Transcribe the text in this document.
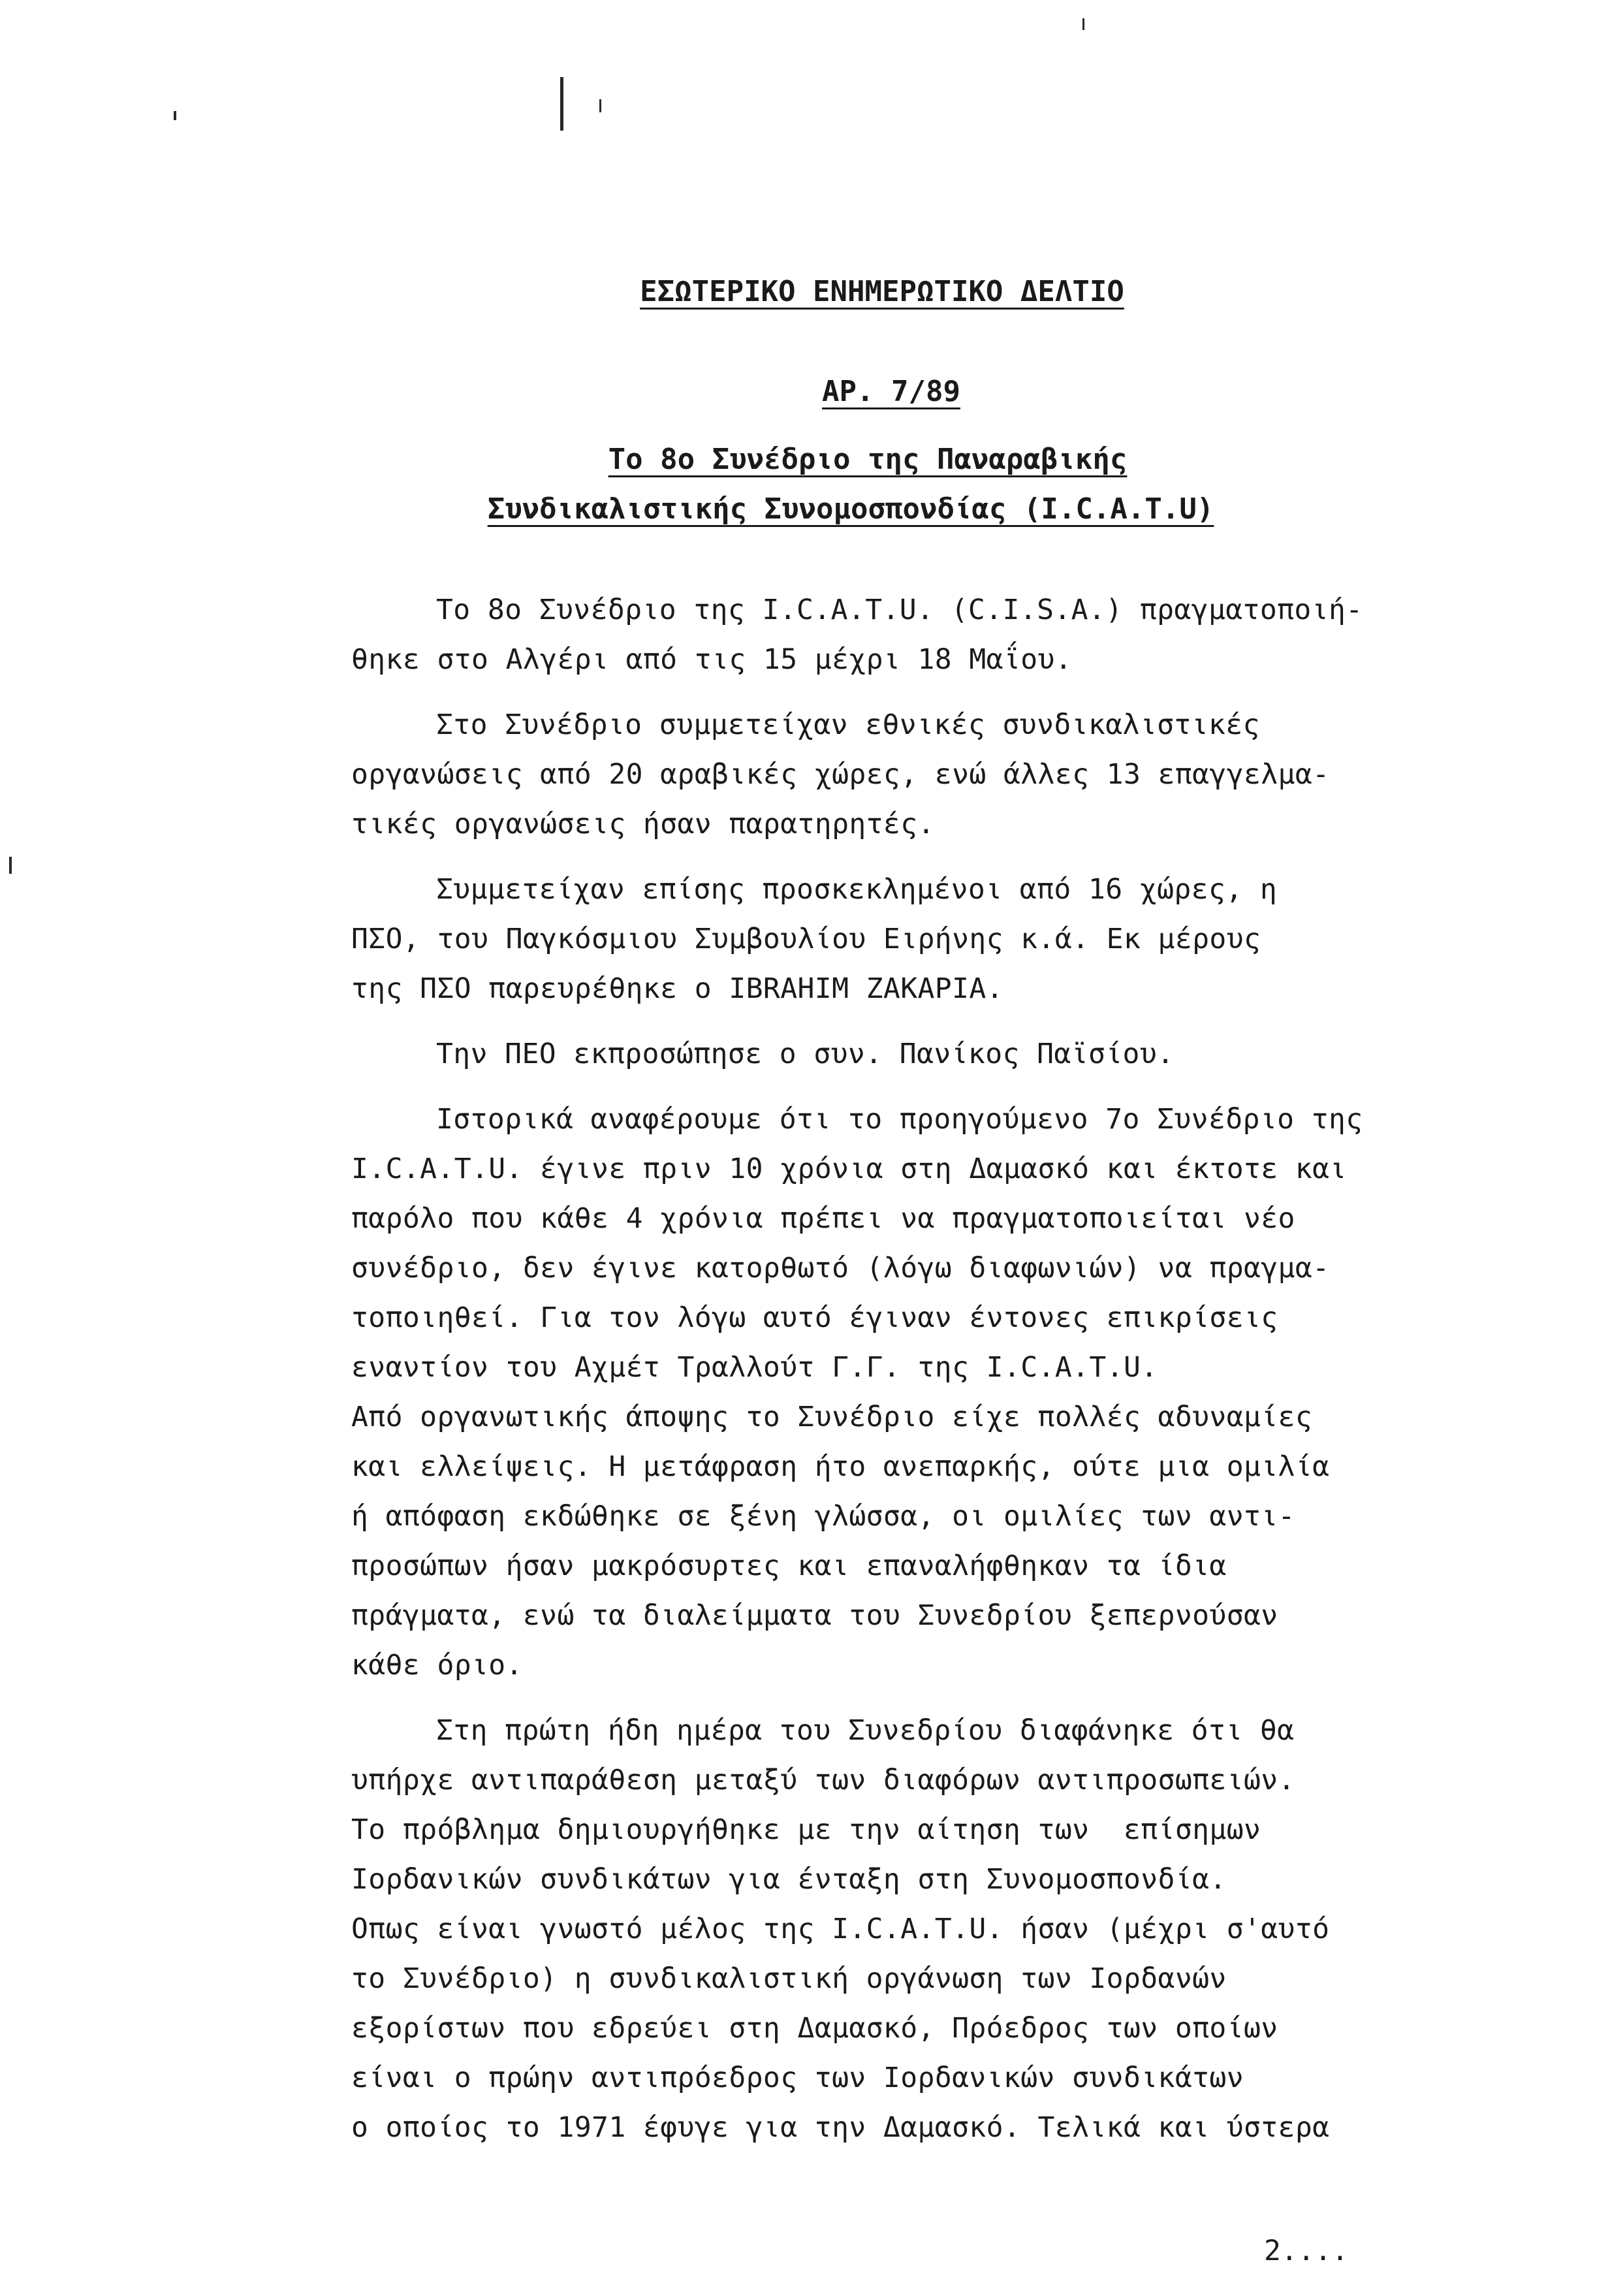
ΕΣΩΤΕΡΙΚΟ ΕΝΗΜΕΡΩΤΙΚΟ ΔΕΛΤΙΟ
ΑΡ. 7/89
Το 8ο Συνέδριο της Παναραβικής
Συνδικαλιστικής Συνομοσπονδίας (I.C.A.T.U)
Το 8ο Συνέδριο της I.C.A.T.U. (C.I.S.A.) πραγματοποιή-
θηκε στο Αλγέρι από τις 15 μέχρι 18 Μαΐου.
Στο Συνέδριο συμμετείχαν εθνικές συνδικαλιστικές
οργανώσεις από 20 αραβικές χώρες, ενώ άλλες 13 επαγγελμα-
τικές οργανώσεις ήσαν παρατηρητές.
Συμμετείχαν επίσης προσκεκλημένοι από 16 χώρες, η
ΠΣΟ, του Παγκόσμιου Συμβουλίου Ειρήνης κ.ά. Εκ μέρους
της ΠΣΟ παρευρέθηκε ο IBRAHIM ZAKAPIA.
Την ΠΕΟ εκπροσώπησε ο συν. Πανίκος Παϊσίου.
Ιστορικά αναφέρουμε ότι το προηγούμενο 7ο Συνέδριο της
I.C.A.T.U. έγινε πριν 10 χρόνια στη Δαμασκό και έκτοτε και
παρόλο που κάθε 4 χρόνια πρέπει να πραγματοποιείται νέο
συνέδριο, δεν έγινε κατορθωτό (λόγω διαφωνιών) να πραγμα-
τοποιηθεί. Για τον λόγω αυτό έγιναν έντονες επικρίσεις
εναντίον του Αχμέτ Τραλλούτ Γ.Γ. της I.C.A.T.U.
Από οργανωτικής άποψης το Συνέδριο είχε πολλές αδυναμίες
και ελλείψεις. Η μετάφραση ήτο ανεπαρκής, ούτε μια ομιλία
ή απόφαση εκδώθηκε σε ξένη γλώσσα, οι ομιλίες των αντι-
προσώπων ήσαν μακρόσυρτες και επαναλήφθηκαν τα ίδια
πράγματα, ενώ τα διαλείμματα του Συνεδρίου ξεπερνούσαν
κάθε όριο.
Στη πρώτη ήδη ημέρα του Συνεδρίου διαφάνηκε ότι θα
υπήρχε αντιπαράθεση μεταξύ των διαφόρων αντιπροσωπειών.
Το πρόβλημα δημιουργήθηκε με την αίτηση των  επίσημων
Ιορδανικών συνδικάτων για ένταξη στη Συνομοσπονδία.
Οπως είναι γνωστό μέλος της I.C.A.T.U. ήσαν (μέχρι σ'αυτό
το Συνέδριο) η συνδικαλιστική οργάνωση των Ιορδανών
εξορίστων που εδρεύει στη Δαμασκό, Πρόεδρος των οποίων
είναι ο πρώην αντιπρόεδρος των Ιορδανικών συνδικάτων
ο οποίος το 1971 έφυγε για την Δαμασκό. Τελικά και ύστερα
2....
